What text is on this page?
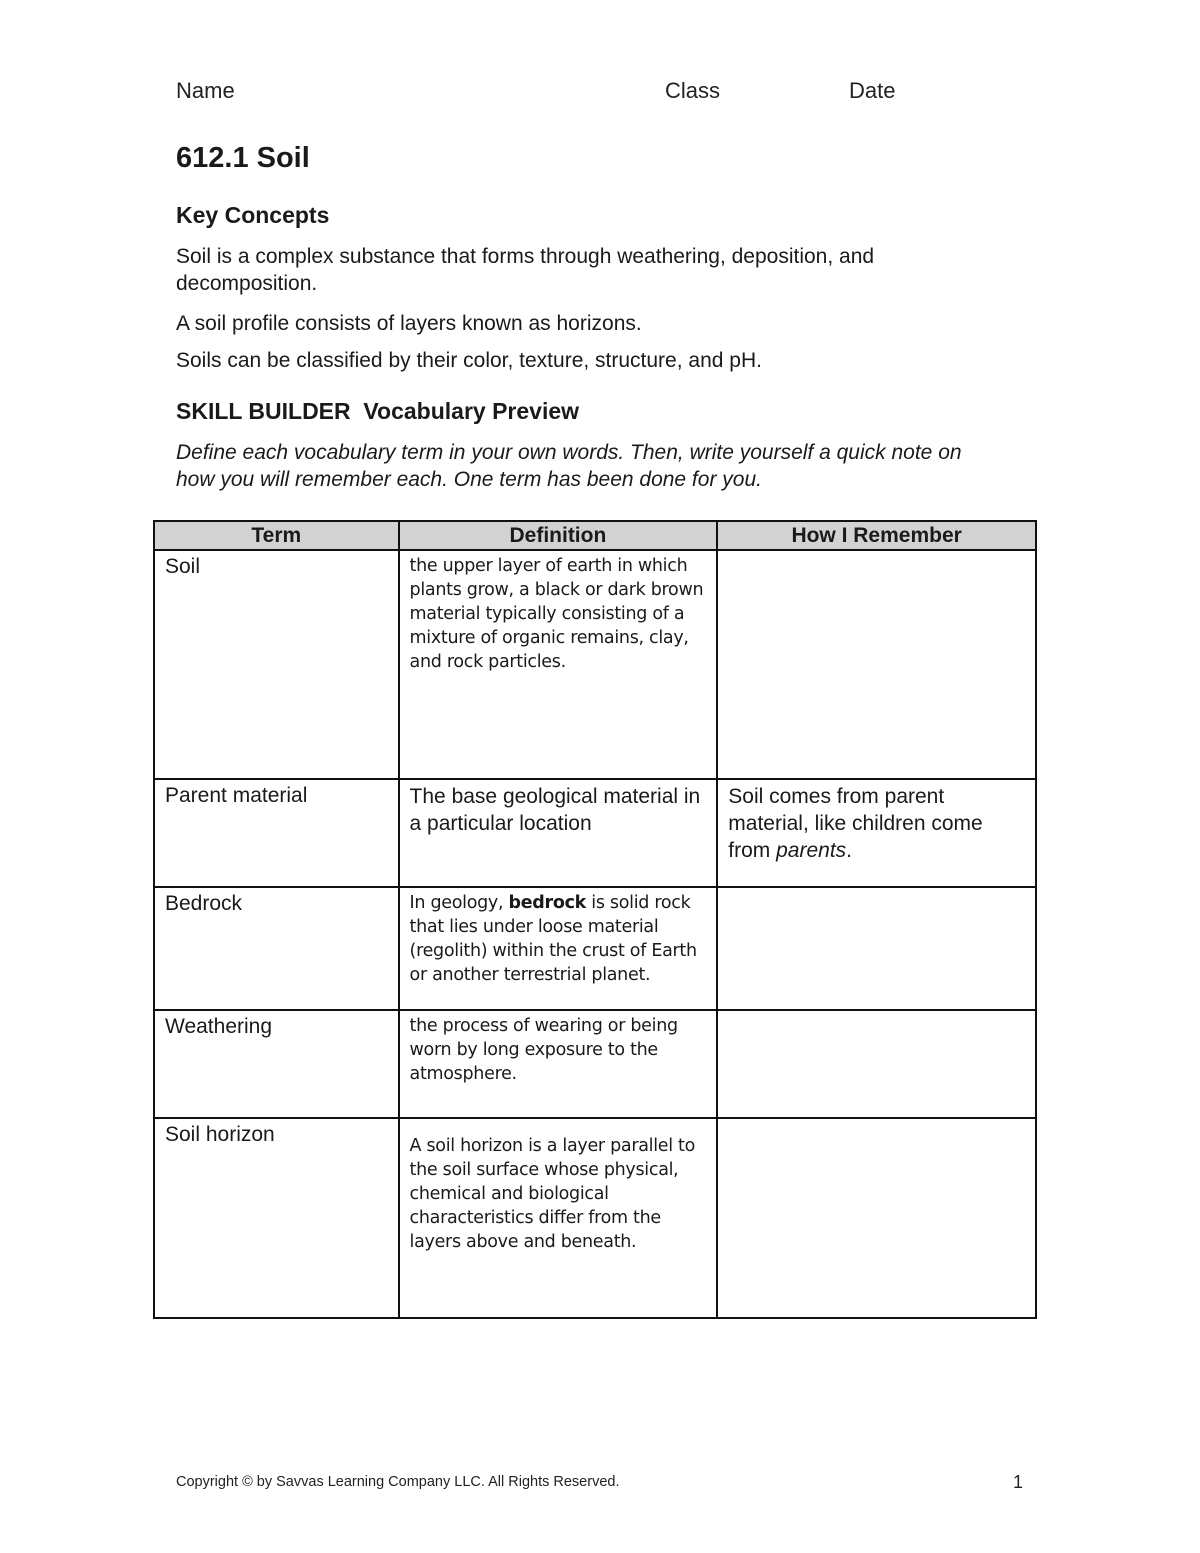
Name	Class	Date
612.1 Soil
Key Concepts

Soil is a complex substance that forms through weathering, deposition, and decomposition.

A soil profile consists of layers known as horizons.

Soils can be classified by their color, texture, structure, and pH.

SKILL BUILDER  Vocabulary Preview

Define each vocabulary term in your own words. Then, write yourself a quick note on how you will remember each. One term has been done for you.

Term	Definition	How I Remember
Soil	the upper layer of earth in which plants grow, a black or dark brown material typically consisting of a mixture of organic remains, clay, and rock particles.	
Parent material	The base geological material in a particular location	Soil comes from parent material, like children come from parents.
Bedrock	In geology, bedrock is solid rock that lies under loose material (regolith) within the crust of Earth or another terrestrial planet.	
Weathering	the process of wearing or being worn by long exposure to the atmosphere.	
Soil horizon	A soil horizon is a layer parallel to the soil surface whose physical, chemical and biological characteristics differ from the layers above and beneath.	
Copyright © by Savvas Learning Company LLC. All Rights Reserved.	1
